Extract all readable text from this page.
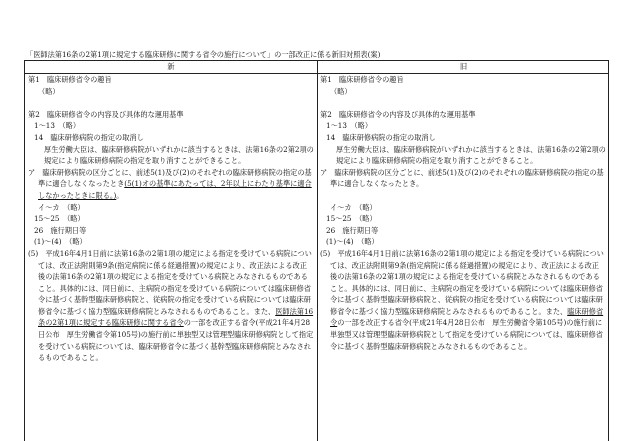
「医師法第16条の2第1項に規定する臨床研修に関する省令の施行について」の一部改正に係る新旧対照表(案)
新	旧

第1　臨床研修省令の趣旨

（略）

第2　臨床研修省令の内容及び具体的な運用基準

1～13　（略）

14　臨床研修病院の指定の取消し

厚生労働大臣は、臨床研修病院がいずれかに該当するときは、法第16条の2第2項の規定により臨床研修病院の指定を取り消すことができること。

ア　臨床研修病院の区分ごとに、前述5(1)及び(2)のそれぞれの臨床研修病院の指定の基準に適合しなくなったとき(5(1)オの基準にあたっては、2年以上にわたり基準に適合しなかったときに限る。)。

イ～カ　（略）

15～25　（略）

26　施行期日等

(1)～(4)　（略）

(5)　平成16年4月1日前に法第16条の2第1項の規定による指定を受けている病院については、改正法附則第9条(指定病院に係る経過措置)の規定により、改正法による改正後の法第16条の2第1項の規定による指定を受けている病院とみなされるものであること。具体的には、同日前に、主病院の指定を受けている病院については臨床研修省令に基づく基幹型臨床研修病院と、従病院の指定を受けている病院については臨床研修省令に基づく協力型臨床研修病院とみなされるものであること。また、医師法第16条の2第1項に規定する臨床研修に関する省令の一部を改正する省令(平成21年4月28日公布　厚生労働省令第105号)の施行前に単独型又は管理型臨床研修病院として指定を受けている病院については、臨床研修省令に基づく基幹型臨床研修病院とみなされるものであること。

第1　臨床研修省令の趣旨

（略）

第2　臨床研修省令の内容及び具体的な運用基準

1～13　（略）

14　臨床研修病院の指定の取消し

厚生労働大臣は、臨床研修病院がいずれかに該当するときは、法第16条の2第2項の規定により臨床研修病院の指定を取り消すことができること。

ア　臨床研修病院の区分ごとに、前述5(1)及び(2)のそれぞれの臨床研修病院の指定の基準に適合しなくなったとき。

イ～カ　（略）

15～25　（略）

26　施行期日等

(1)～(4)　（略）

(5)　平成16年4月1日前に法第16条の2第1項の規定による指定を受けている病院については、改正法附則第9条(指定病院に係る経過措置)の規定により、改正法による改正後の法第16条の2第1項の規定による指定を受けている病院とみなされるものであること。具体的には、同日前に、主病院の指定を受けている病院については臨床研修省令に基づく基幹型臨床研修病院と、従病院の指定を受けている病院については臨床研修省令に基づく協力型臨床研修病院とみなされるものであること。また、臨床研修省令の一部を改正する省令(平成21年4月28日公布　厚生労働省令第105号)の施行前に単独型又は管理型臨床研修病院として指定を受けている病院については、臨床研修省令に基づく基幹型臨床研修病院とみなされるものであること。
